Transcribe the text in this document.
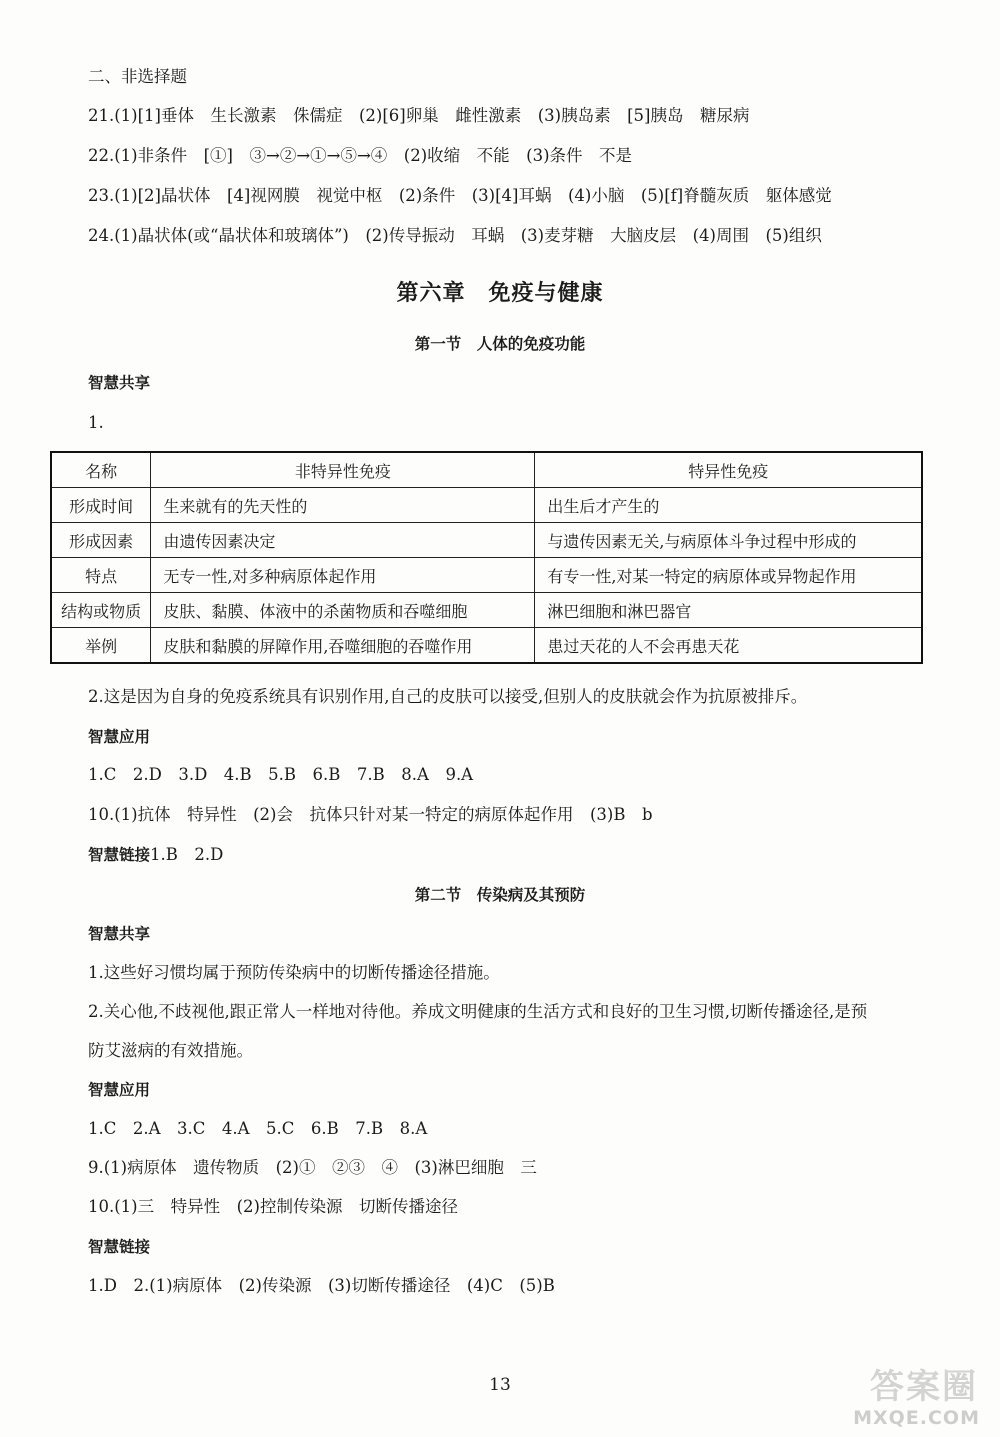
二、非选择题
21.(1)[1]垂体　生长激素　侏儒症　(2)[6]卵巢　雌性激素　(3)胰岛素　[5]胰岛　糖尿病
22.(1)非条件　[①]　③→②→①→⑤→④　(2)收缩　不能　(3)条件　不是
23.(1)[2]晶状体　[4]视网膜　视觉中枢　(2)条件　(3)[4]耳蜗　(4)小脑　(5)[f]脊髓灰质　躯体感觉
24.(1)晶状体(或“晶状体和玻璃体”)　(2)传导振动　耳蜗　(3)麦芽糖　大脑皮层　(4)周围　(5)组织
第六章　免疫与健康
第一节　人体的免疫功能
智慧共享
1.
名称	非特异性免疫	特异性免疫
形成时间	生来就有的先天性的	出生后才产生的
形成因素	由遗传因素决定	与遗传因素无关,与病原体斗争过程中形成的
特点	无专一性,对多种病原体起作用	有专一性,对某一特定的病原体或异物起作用
结构或物质	皮肤、黏膜、体液中的杀菌物质和吞噬细胞	淋巴细胞和淋巴器官
举例	皮肤和黏膜的屏障作用,吞噬细胞的吞噬作用	患过天花的人不会再患天花
2.这是因为自身的免疫系统具有识别作用,自己的皮肤可以接受,但别人的皮肤就会作为抗原被排斥。
智慧应用
1.C　2.D　3.D　4.B　5.B　6.B　7.B　8.A　9.A
10.(1)抗体　特异性　(2)会　抗体只针对某一特定的病原体起作用　(3)B　b
智慧链接1.B　2.D
第二节　传染病及其预防
智慧共享
1.这些好习惯均属于预防传染病中的切断传播途径措施。
2.关心他,不歧视他,跟正常人一样地对待他。养成文明健康的生活方式和良好的卫生习惯,切断传播途径,是预
防艾滋病的有效措施。
智慧应用
1.C　2.A　3.C　4.A　5.C　6.B　7.B　8.A
9.(1)病原体　遗传物质　(2)①　②③　④　(3)淋巴细胞　三
10.(1)三　特异性　(2)控制传染源　切断传播途径
智慧链接
1.D　2.(1)病原体　(2)传染源　(3)切断传播途径　(4)C　(5)B
13	答案圈
MXQE.COM
